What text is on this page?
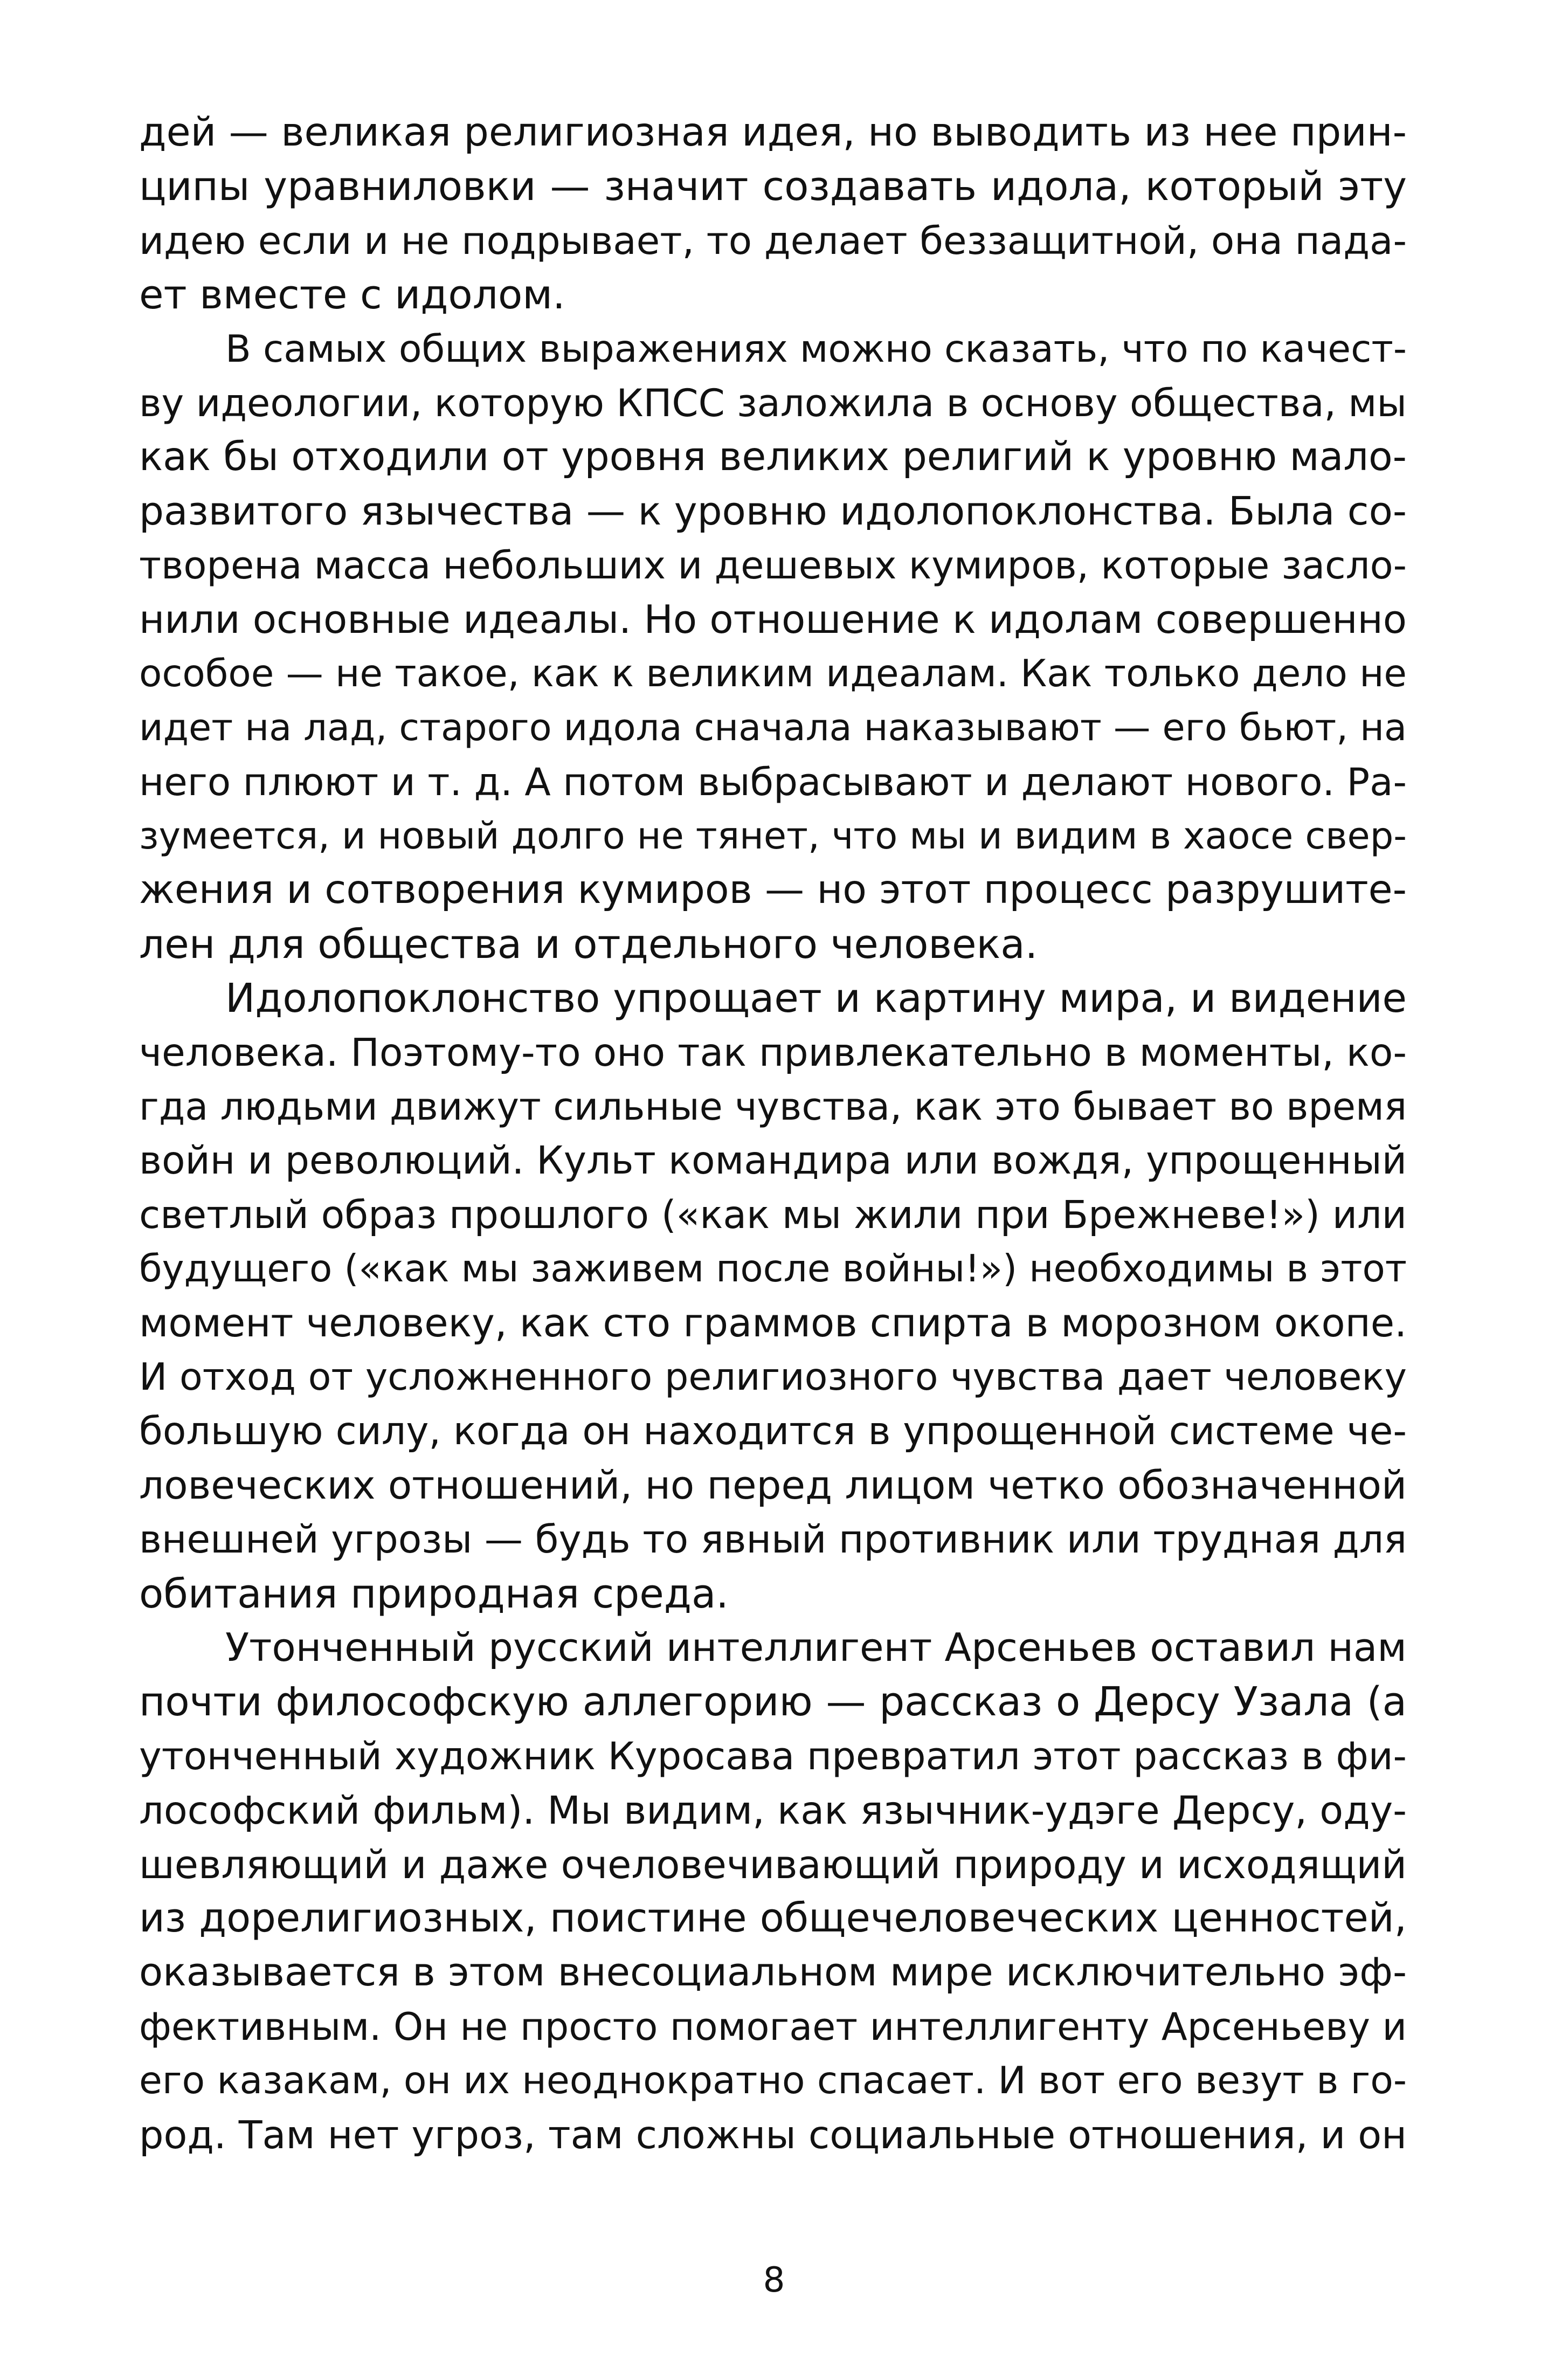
дей — великая религиозная идея, но выводить из нее прин-
ципы уравниловки — значит создавать идола, который эту
идею если и не подрывает, то делает беззащитной, она пада-
ет вместе с идолом.
В самых общих выражениях можно сказать, что по качест-
ву идеологии, которую КПСС заложила в основу общества, мы
как бы отходили от уровня великих религий к уровню мало-
развитого язычества — к уровню идолопоклонства. Была со-
творена масса небольших и дешевых кумиров, которые засло-
нили основные идеалы. Но отношение к идолам совершенно
особое — не такое, как к великим идеалам. Как только дело не
идет на лад, старого идола сначала наказывают — его бьют, на
него плюют и т. д. А потом выбрасывают и делают нового. Ра-
зумеется, и новый долго не тянет, что мы и видим в хаосе свер-
жения и сотворения кумиров — но этот процесс разрушите-
лен для общества и отдельного человека.
Идолопоклонство упрощает и картину мира, и видение
человека. Поэтому-то оно так привлекательно в моменты, ко-
гда людьми движут сильные чувства, как это бывает во время
войн и революций. Культ командира или вождя, упрощенный
светлый образ прошлого («как мы жили при Брежневе!») или
будущего («как мы заживем после войны!») необходимы в этот
момент человеку, как сто граммов спирта в морозном окопе.
И отход от усложненного религиозного чувства дает человеку
большую силу, когда он находится в упрощенной системе че-
ловеческих отношений, но перед лицом четко обозначенной
внешней угрозы — будь то явный противник или трудная для
обитания природная среда.
Утонченный русский интеллигент Арсеньев оставил нам
почти философскую аллегорию — рассказ о Дерсу Узала (а
утонченный художник Куросава превратил этот рассказ в фи-
лософский фильм). Мы видим, как язычник-удэге Дерсу, оду-
шевляющий и даже очеловечивающий природу и исходящий
из дорелигиозных, поистине общечеловеческих ценностей,
оказывается в этом внесоциальном мире исключительно эф-
фективным. Он не просто помогает интеллигенту Арсеньеву и
его казакам, он их неоднократно спасает. И вот его везут в го-
род. Там нет угроз, там сложны социальные отношения, и он
8
